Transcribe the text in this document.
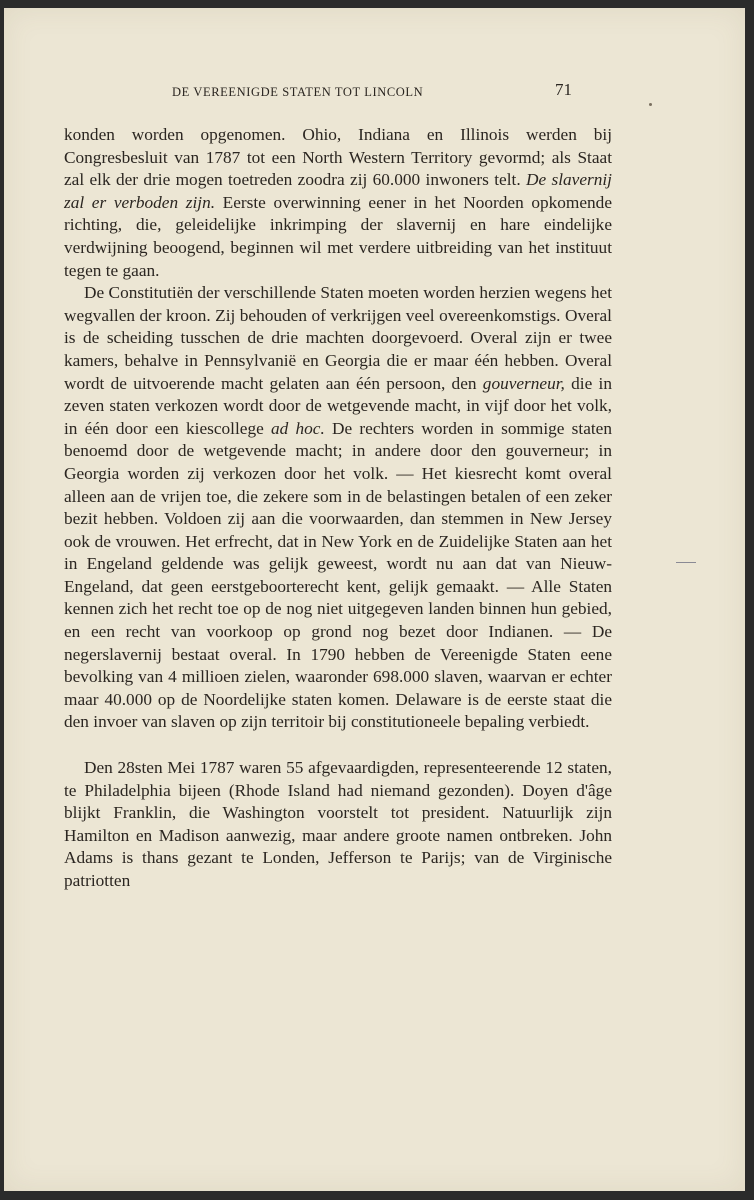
DE VEREENIGDE STATEN TOT LINCOLN	71

konden worden opgenomen. Ohio, Indiana en Illinois werden bij Congresbesluit van 1787 tot een North Western Territory gevormd; als Staat zal elk der drie mogen toetreden zoodra zij 60.000 inwoners telt. De slavernij zal er verboden zijn. Eerste overwinning eener in het Noorden opkomende richting, die, geleidelijke inkrimping der slavernij en hare eindelijke verdwijning beoogend, beginnen wil met verdere uitbreiding van het instituut tegen te gaan.

De Constitutiën der verschillende Staten moeten worden herzien wegens het wegvallen der kroon. Zij behouden of verkrijgen veel overeenkomstigs. Overal is de scheiding tusschen de drie machten doorgevoerd. Overal zijn er twee kamers, behalve in Pennsylvanië en Georgia die er maar één hebben. Overal wordt de uitvoerende macht gelaten aan één persoon, den gouverneur, die in zeven staten verkozen wordt door de wetgevende macht, in vijf door het volk, in één door een kiescollege ad hoc. De rechters worden in sommige staten benoemd door de wetgevende macht; in andere door den gouverneur; in Georgia worden zij verkozen door het volk. — Het kiesrecht komt overal alleen aan de vrijen toe, die zekere som in de belastingen betalen of een zeker bezit hebben. Voldoen zij aan die voorwaarden, dan stemmen in New Jersey ook de vrouwen. Het erfrecht, dat in New York en de Zuidelijke Staten aan het in Engeland geldende was gelijk geweest, wordt nu aan dat van Nieuw-Engeland, dat geen eerstgeboorterecht kent, gelijk gemaakt. — Alle Staten kennen zich het recht toe op de nog niet uitgegeven landen binnen hun gebied, en een recht van voorkoop op grond nog bezet door Indianen. — De negerslavernij bestaat overal. In 1790 hebben de Vereenigde Staten eene bevolking van 4 millioen zielen, waaronder 698.000 slaven, waarvan er echter maar 40.000 op de Noordelijke staten komen. Delaware is de eerste staat die den invoer van slaven op zijn territoir bij constitutioneele bepaling verbiedt.

Den 28sten Mei 1787 waren 55 afgevaardigden, representeerende 12 staten, te Philadelphia bijeen (Rhode Island had niemand gezonden). Doyen d'âge blijkt Franklin, die Washington voorstelt tot president. Natuurlijk zijn Hamilton en Madison aanwezig, maar andere groote namen ontbreken. John Adams is thans gezant te Londen, Jefferson te Parijs; van de Virginische patriotten
